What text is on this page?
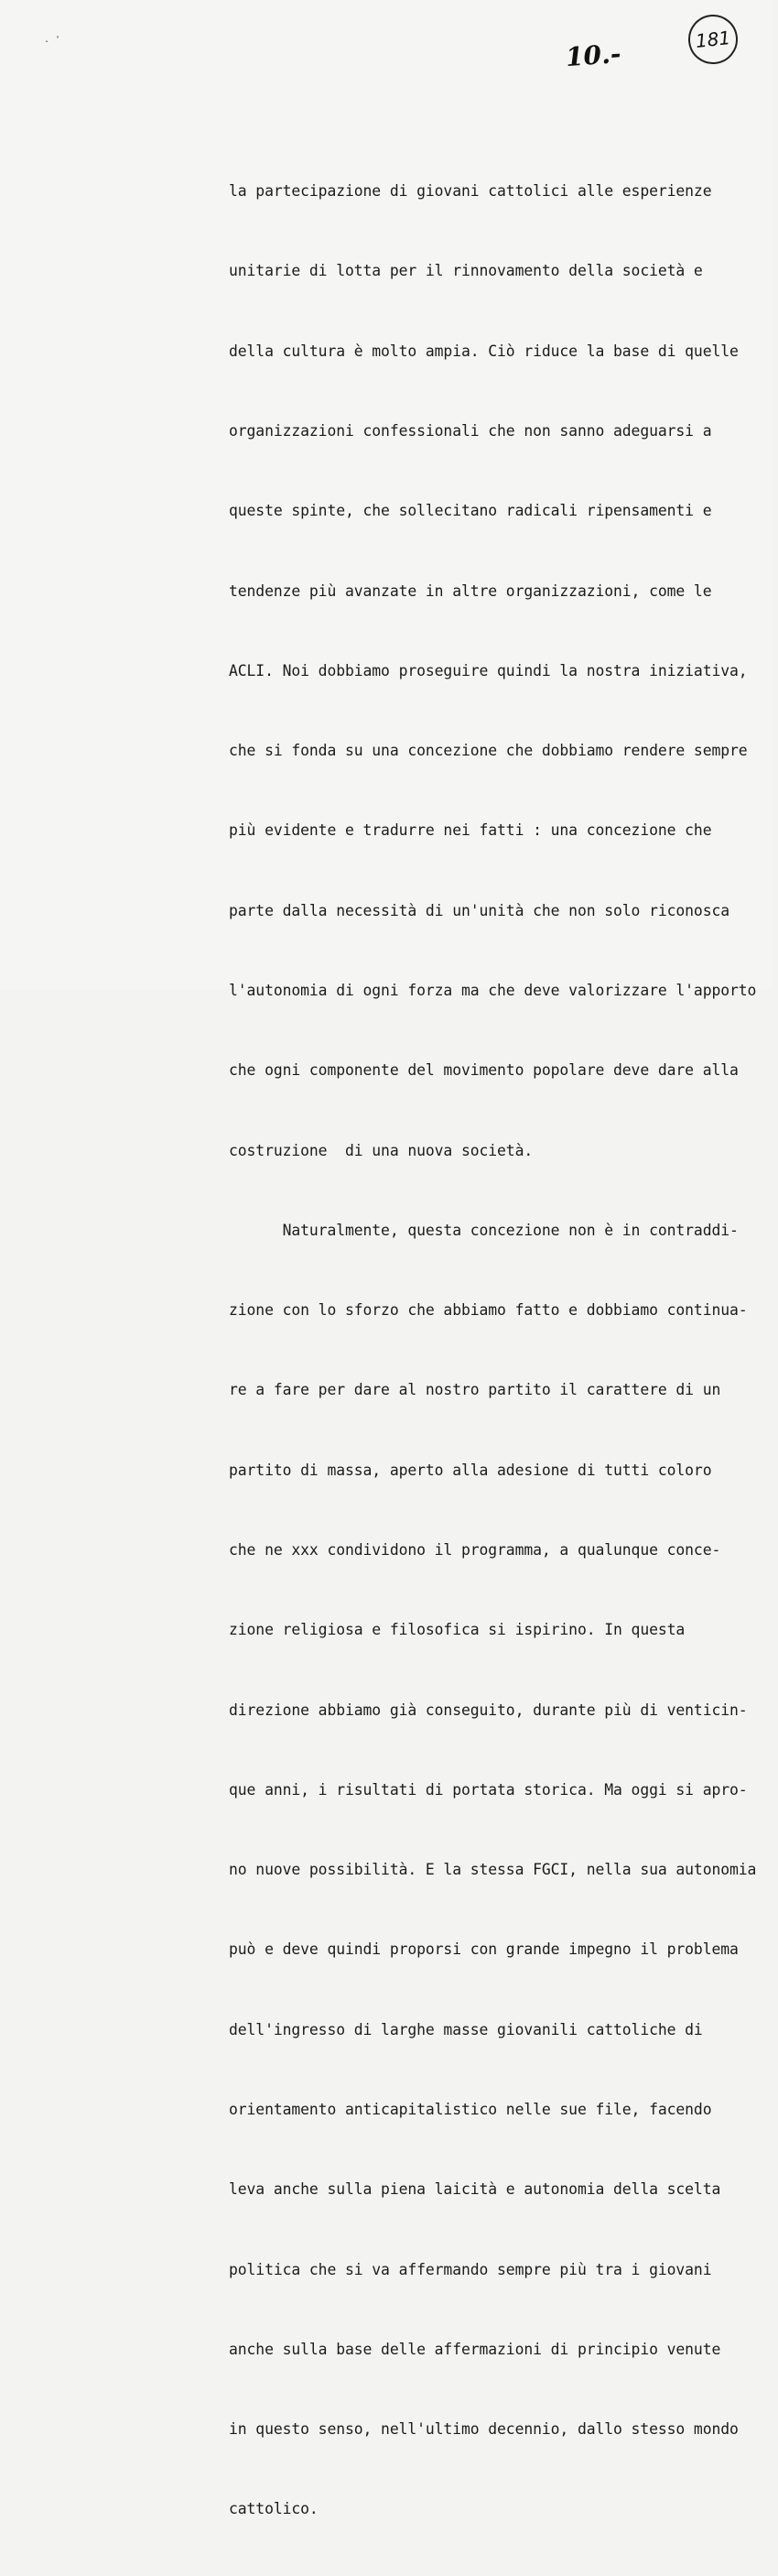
. '	10.-	181

la partecipazione di giovani cattolici alle esperienze

unitarie di lotta per il rinnovamento della società e

della cultura è molto ampia. Ciò riduce la base di quelle

organizzazioni confessionali che non sanno adeguarsi a

queste spinte, che sollecitano radicali ripensamenti e

tendenze più avanzate in altre organizzazioni, come le

ACLI. Noi dobbiamo proseguire quindi la nostra iniziativa,

che si fonda su una concezione che dobbiamo rendere sempre

più evidente e tradurre nei fatti : una concezione che

parte dalla necessità di un'unità che non solo riconosca

l'autonomia di ogni forza ma che deve valorizzare l'apporto

che ogni componente del movimento popolare deve dare alla

costruzione  di una nuova società.

Naturalmente, questa concezione non è in contraddi-

zione con lo sforzo che abbiamo fatto e dobbiamo continua-

re a fare per dare al nostro partito il carattere di un

partito di massa, aperto alla adesione di tutti coloro

che ne xxx condividono il programma, a qualunque conce-

zione religiosa e filosofica si ispirino. In questa

direzione abbiamo già conseguito, durante più di venticin-

que anni, i risultati di portata storica. Ma oggi si apro-

no nuove possibilità. E la stessa FGCI, nella sua autonomia

può e deve quindi proporsi con grande impegno il problema

dell'ingresso di larghe masse giovanili cattoliche di

orientamento anticapitalistico nelle sue file, facendo

leva anche sulla piena laicità e autonomia della scelta

politica che si va affermando sempre più tra i giovani

anche sulla base delle affermazioni di principio venute

in questo senso, nell'ultimo decennio, dallo stesso mondo

cattolico.
